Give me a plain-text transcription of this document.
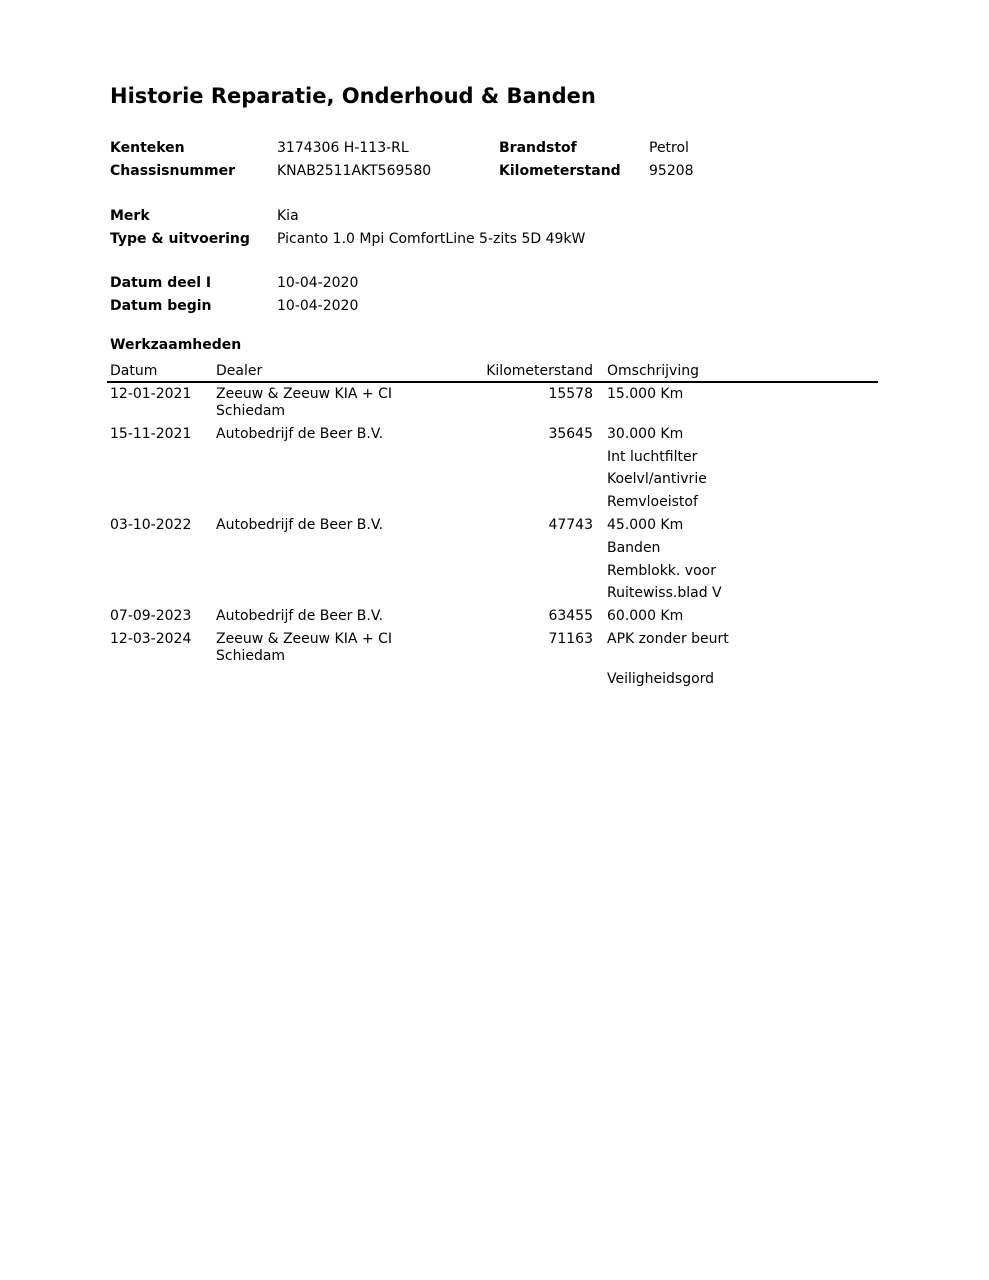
Historie Reparatie, Onderhoud & Banden
Kenteken	3174306 H-113-RL	Brandstof	Petrol
Chassisnummer	KNAB2511AKT569580	Kilometerstand 95208
Merk	Kia
Type & uitvoering Picanto 1.0 Mpi ComfortLine 5-zits 5D 49kW
Datum deel I	10-04-2020
Datum begin	10-04-2020
Werkzaamheden
Datum	Dealer	Kilometerstand Omschrijving
12-01-2021 Zeeuw & Zeeuw KIA + CI
Schiedam
15578 15.000 Km
15-11-2021 Autobedrijf de Beer B.V.	35645 30.000 Km
Int luchtfilter
Koelvl/antivrie
Remvloeistof
03-10-2022 Autobedrijf de Beer B.V.	47743 45.000 Km
Banden
Remblokk. voor
Ruitewiss.blad V
07-09-2023 Autobedrijf de Beer B.V.	63455 60.000 Km
12-03-2024 Zeeuw & Zeeuw KIA + CI
Schiedam
71163 APK zonder beurt
Veiligheidsgord
